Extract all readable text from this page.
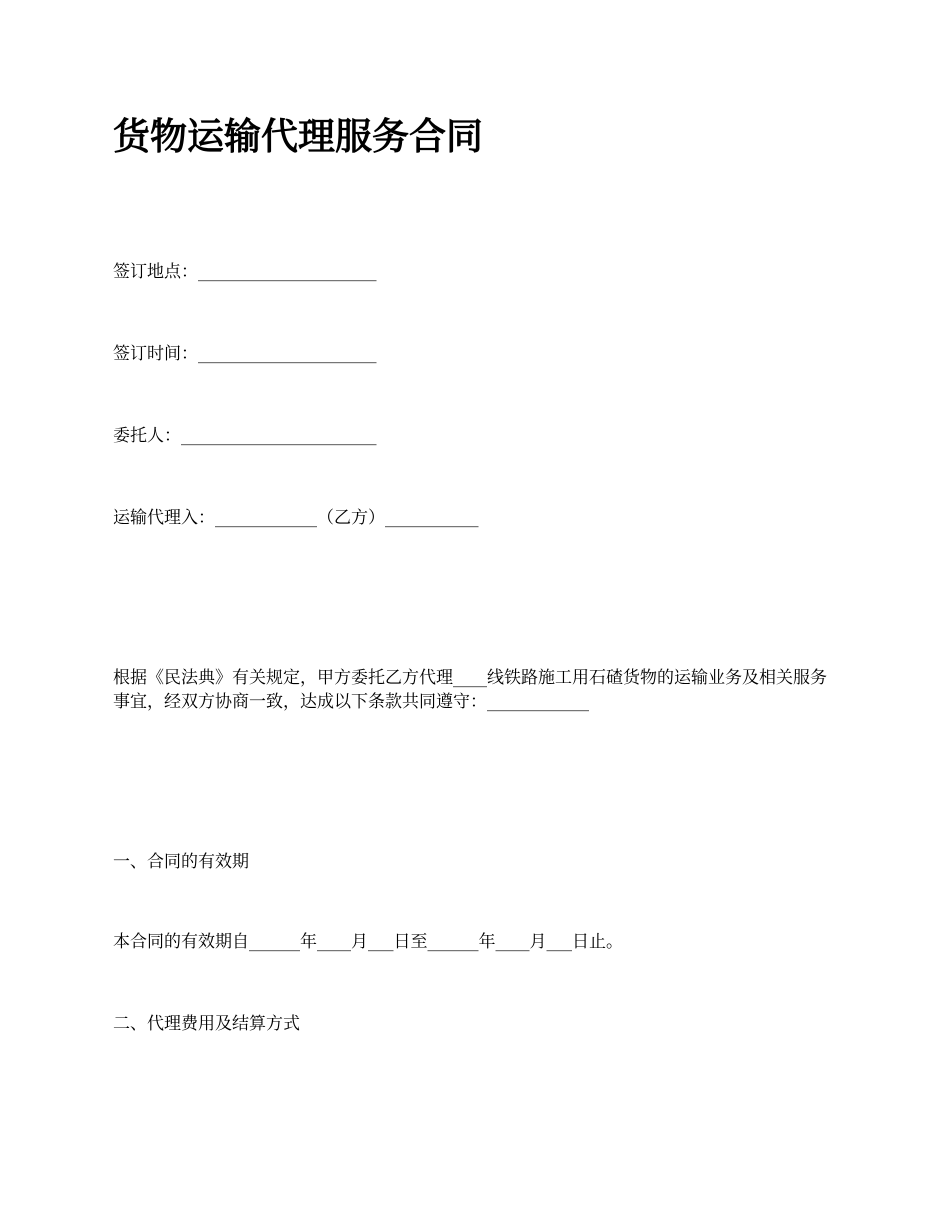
货物运输代理服务合同

签订地点：_____________________

签订时间：_____________________

委托人：_______________________

运输代理入：____________（乙方）___________

根据《民法典》有关规定，甲方委托乙方代理____线铁路施工用石碴货物的运输业务及相关服务事宜，经双方协商一致，达成以下条款共同遵守：____________

一、合同的有效期

本合同的有效期自______年____月___日至______年____月___日止。

二、代理费用及结算方式
